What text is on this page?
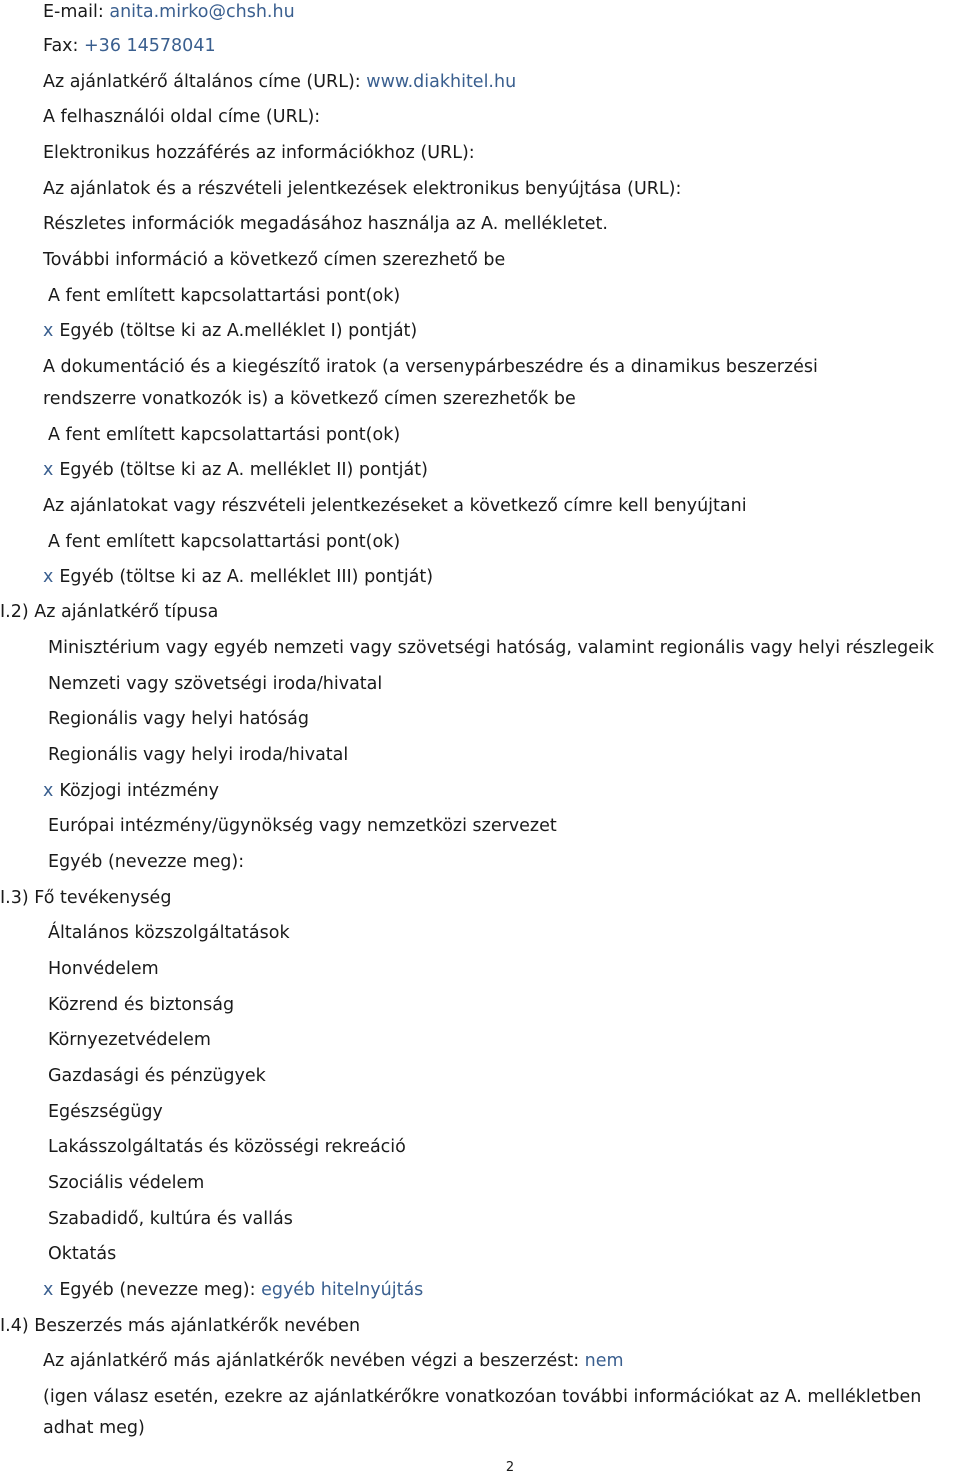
E-mail: anita.mirko@chsh.hu
Fax: +36 14578041
Az ajánlatkérő általános címe (URL): www.diakhitel.hu
A felhasználói oldal címe (URL):
Elektronikus hozzáférés az információkhoz (URL):
Az ajánlatok és a részvételi jelentkezések elektronikus benyújtása (URL):
Részletes információk megadásához használja az A. mellékletet.
További információ a következő címen szerezhető be
A fent említett kapcsolattartási pont(ok)
x Egyéb (töltse ki az A.melléklet I) pontját)
A dokumentáció és a kiegészítő iratok (a versenypárbeszédre és a dinamikus beszerzési
rendszerre vonatkozók is) a következő címen szerezhetők be
A fent említett kapcsolattartási pont(ok)
x Egyéb (töltse ki az A. melléklet II) pontját)
Az ajánlatokat vagy részvételi jelentkezéseket a következő címre kell benyújtani
A fent említett kapcsolattartási pont(ok)
x Egyéb (töltse ki az A. melléklet III) pontját)
I.2) Az ajánlatkérő típusa
Minisztérium vagy egyéb nemzeti vagy szövetségi hatóság, valamint regionális vagy helyi részlegeik
Nemzeti vagy szövetségi iroda/hivatal
Regionális vagy helyi hatóság
Regionális vagy helyi iroda/hivatal
x Közjogi intézmény
Európai intézmény/ügynökség vagy nemzetközi szervezet
Egyéb (nevezze meg):
I.3) Fő tevékenység
Általános közszolgáltatások
Honvédelem
Közrend és biztonság
Környezetvédelem
Gazdasági és pénzügyek
Egészségügy
Lakásszolgáltatás és közösségi rekreáció
Szociális védelem
Szabadidő, kultúra és vallás
Oktatás
x Egyéb (nevezze meg): egyéb hitelnyújtás
I.4) Beszerzés más ajánlatkérők nevében
Az ajánlatkérő más ajánlatkérők nevében végzi a beszerzést: nem
(igen válasz esetén, ezekre az ajánlatkérőkre vonatkozóan további információkat az A. mellékletben
adhat meg)
2
